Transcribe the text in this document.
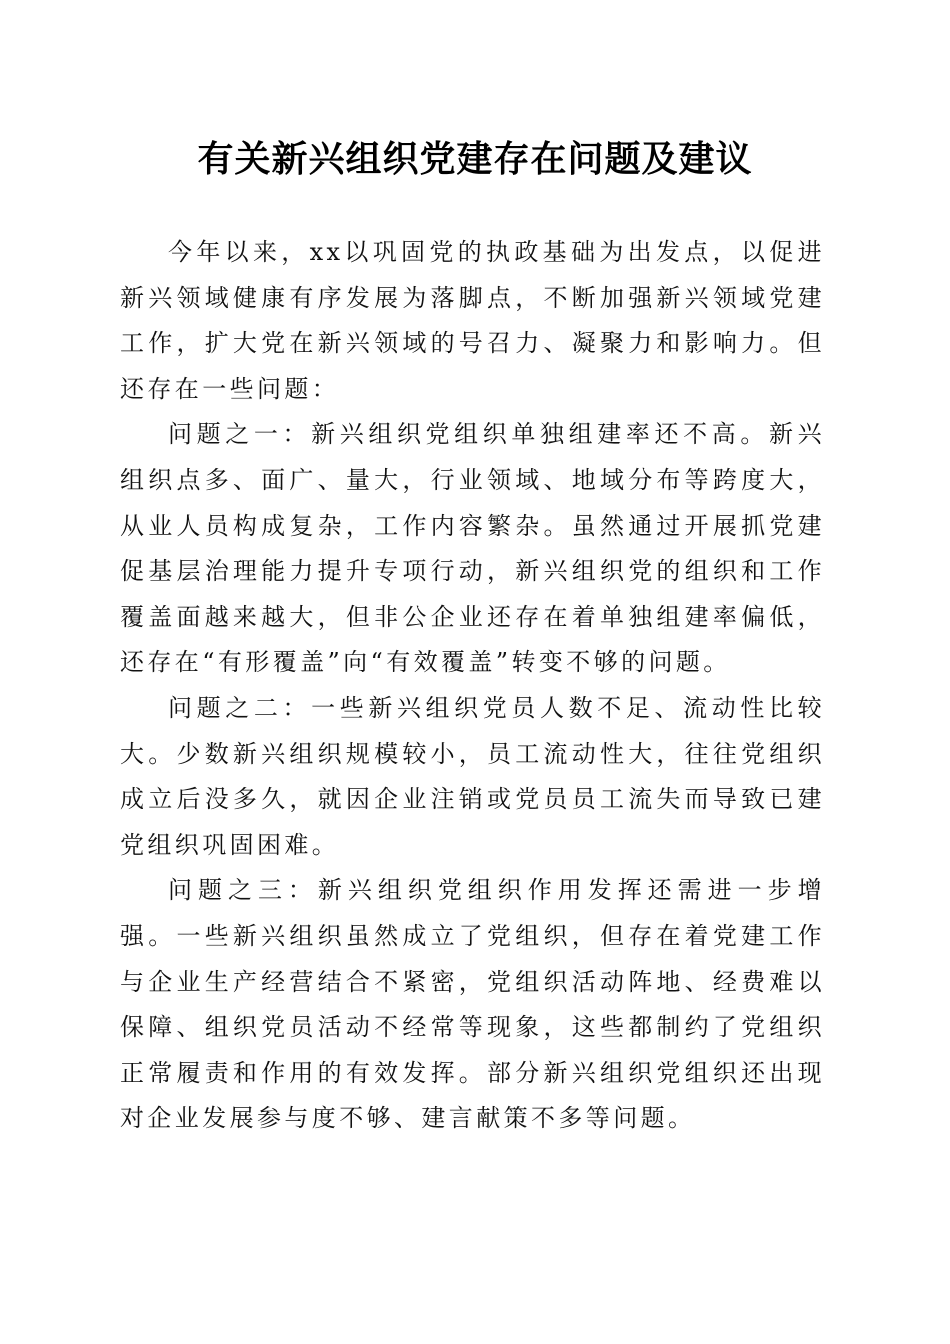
有关新兴组织党建存在问题及建议

今年以来，xx以巩固党的执政基础为出发点，以促进新兴领域健康有序发展为落脚点，不断加强新兴领域党建工作，扩大党在新兴领域的号召力、凝聚力和影响力。但还存在一些问题：

问题之一：新兴组织党组织单独组建率还不高。新兴组织点多、面广、量大，行业领域、地域分布等跨度大，从业人员构成复杂，工作内容繁杂。虽然通过开展抓党建促基层治理能力提升专项行动，新兴组织党的组织和工作覆盖面越来越大，但非公企业还存在着单独组建率偏低，还存在“有形覆盖”向“有效覆盖”转变不够的问题。

问题之二：一些新兴组织党员人数不足、流动性比较大。少数新兴组织规模较小，员工流动性大，往往党组织成立后没多久，就因企业注销或党员员工流失而导致已建党组织巩固困难。

问题之三：新兴组织党组织作用发挥还需进一步增强。一些新兴组织虽然成立了党组织，但存在着党建工作与企业生产经营结合不紧密，党组织活动阵地、经费难以保障、组织党员活动不经常等现象，这些都制约了党组织正常履责和作用的有效发挥。部分新兴组织党组织还出现对企业发展参与度不够、建言献策不多等问题。
